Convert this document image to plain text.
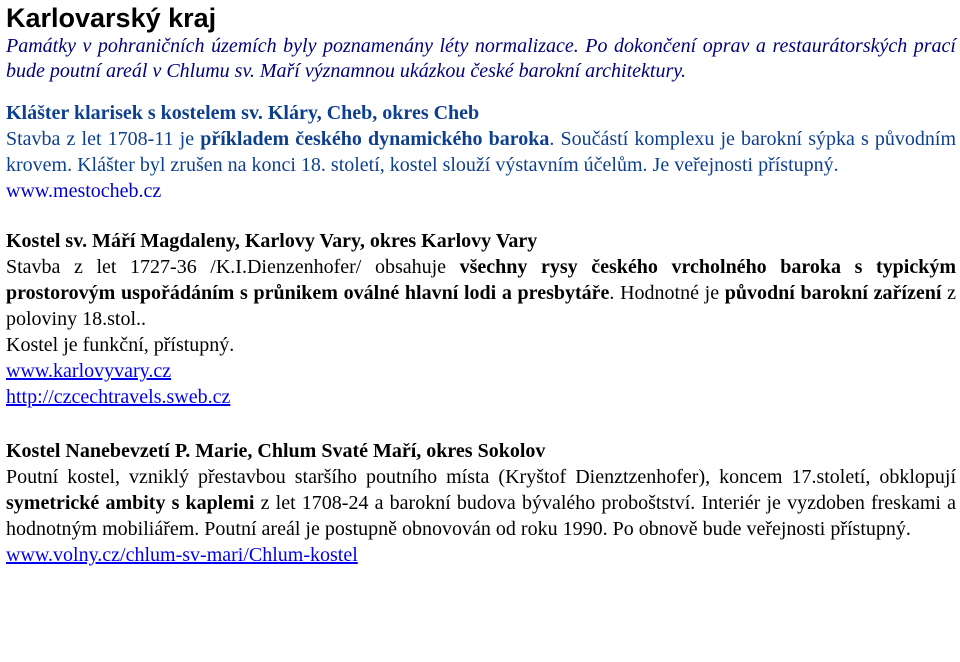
Karlovarský kraj

Památky v pohraničních územích byly poznamenány léty normalizace. Po dokončení oprav a restaurátorských prací bude poutní areál v Chlumu sv. Maří významnou ukázkou české barokní architektury.

Klášter klarisek s kostelem sv. Kláry, Cheb, okres Cheb
Stavba z let 1708-11 je příkladem českého dynamického baroka. Součástí komplexu je barokní sýpka s původním krovem. Klášter byl zrušen na konci 18. století, kostel slouží výstavním účelům. Je veřejnosti přístupný.
www.mestocheb.cz
Kostel sv. Máří Magdaleny, Karlovy Vary, okres Karlovy Vary
Stavba z let 1727-36 /K.I.Dienzenhofer/ obsahuje všechny rysy českého vrcholného baroka s typickým prostorovým uspořádáním s průnikem oválné hlavní lodi a presbytáře. Hodnotné je původní barokní zařízení z poloviny 18.stol..
Kostel je funkční, přístupný.
www.karlovyvary.cz
http://czcechtravels.sweb.cz
Kostel Nanebevzetí P. Marie, Chlum Svaté Maří, okres Sokolov
Poutní kostel, vzniklý přestavbou staršího poutního místa (Kryštof Dienztzenhofer), koncem 17.století, obklopují symetrické ambity s kaplemi z let 1708-24 a barokní budova bývalého proboštství. Interiér je vyzdoben freskami a hodnotným mobiliářem. Poutní areál je postupně obnovován od roku 1990. Po obnově bude veřejnosti přístupný.
www.volny.cz/chlum-sv-mari/Chlum-kostel
